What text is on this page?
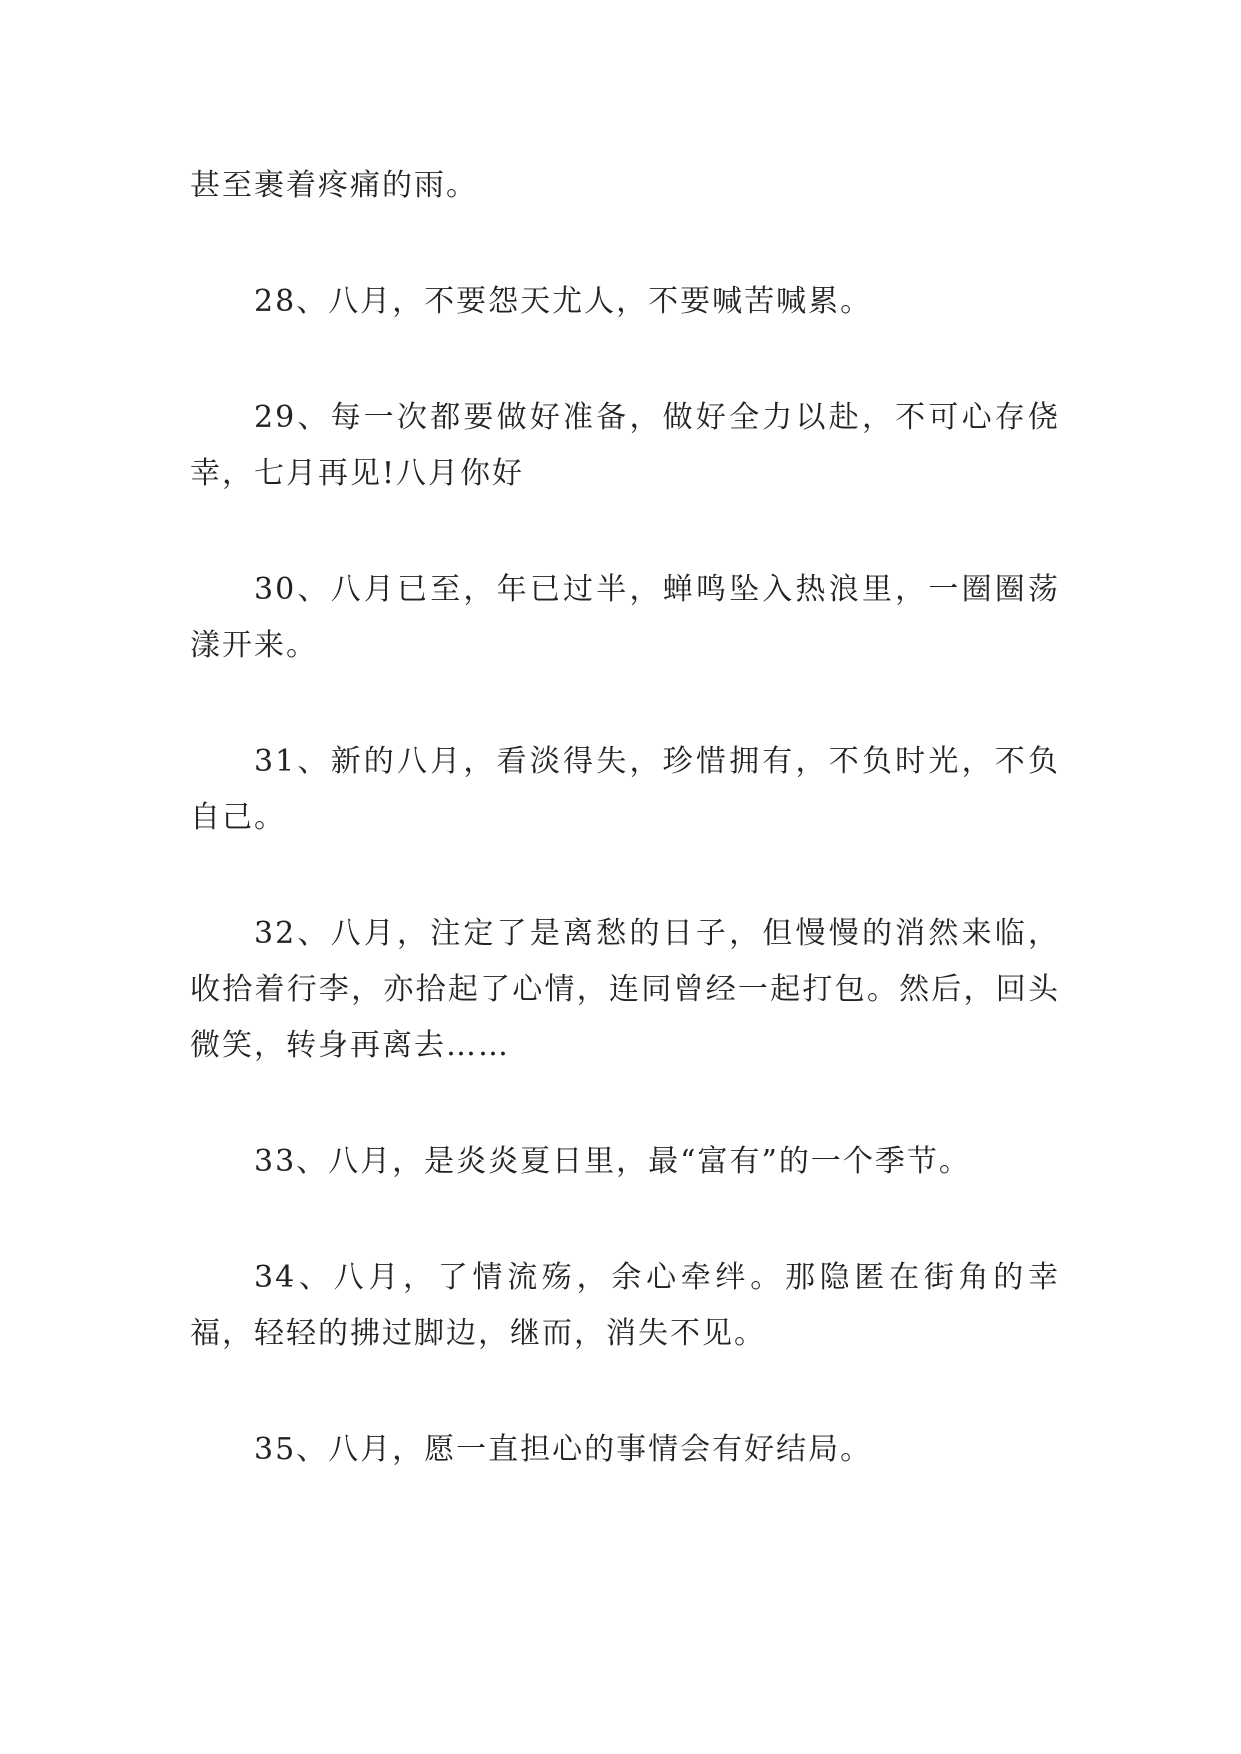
甚至裹着疼痛的雨。

28、八月，不要怨天尤人，不要喊苦喊累。

29、每一次都要做好准备，做好全力以赴，不可心存侥幸，七月再见!八月你好

30、八月已至，年已过半，蝉鸣坠入热浪里，一圈圈荡漾开来。

31、新的八月，看淡得失，珍惜拥有，不负时光，不负自己。

32、八月，注定了是离愁的日子，但慢慢的消然来临，收拾着行李，亦拾起了心情，连同曾经一起打包。然后，回头微笑，转身再离去……

33、八月，是炎炎夏日里，最“富有”的一个季节。

34、八月，了情流殇，余心牵绊。那隐匿在街角的幸福，轻轻的拂过脚边，继而，消失不见。

35、八月，愿一直担心的事情会有好结局。
